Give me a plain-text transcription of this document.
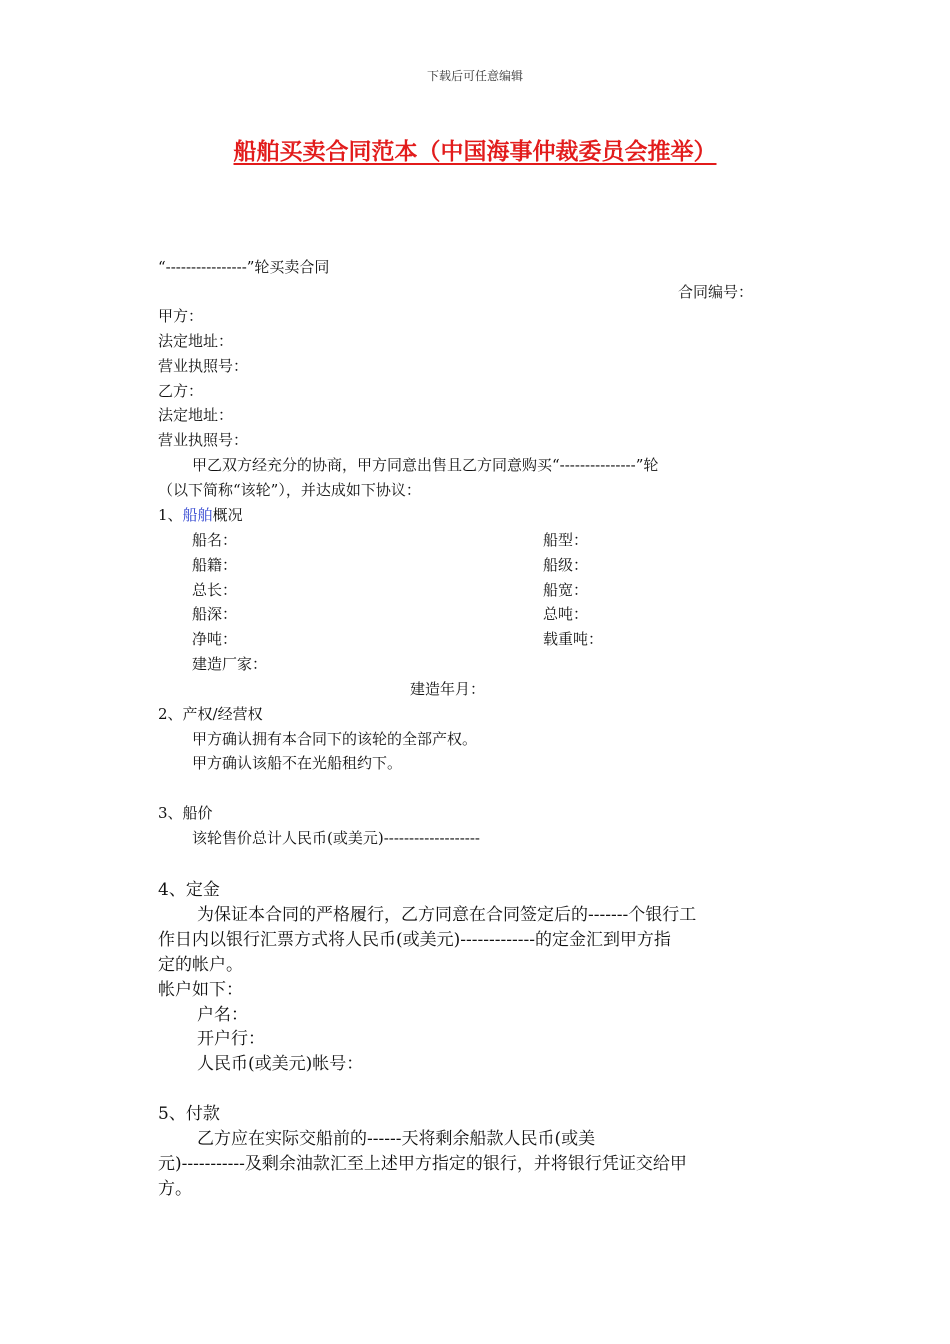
下载后可任意编辑
船舶买卖合同范本（中国海事仲裁委员会推举）
“----------------”轮买卖合同
合同编号：
甲方：
法定地址：
营业执照号：
乙方：
法定地址：
营业执照号：
甲乙双方经充分的协商，甲方同意出售且乙方同意购买“---------------”轮
（以下简称“该轮”），并达成如下协议：
1、船舶概况
船名：
船籍：
总长：
船深：
净吨：
船型：
船级：
船宽：
总吨：
载重吨：
建造厂家：
建造年月：
2、产权/经营权
甲方确认拥有本合同下的该轮的全部产权。
甲方确认该船不在光船租约下。
3、船价
该轮售价总计人民币(或美元)-------------------
4、定金
为保证本合同的严格履行，乙方同意在合同签定后的-------个银行工
作日内以银行汇票方式将人民币(或美元)-------------的定金汇到甲方指
定的帐户。
帐户如下：
户名：
开户行：
人民币(或美元)帐号：
5、付款
乙方应在实际交船前的------天将剩余船款人民币(或美
元)-----------及剩余油款汇至上述甲方指定的银行，并将银行凭证交给甲
方。
